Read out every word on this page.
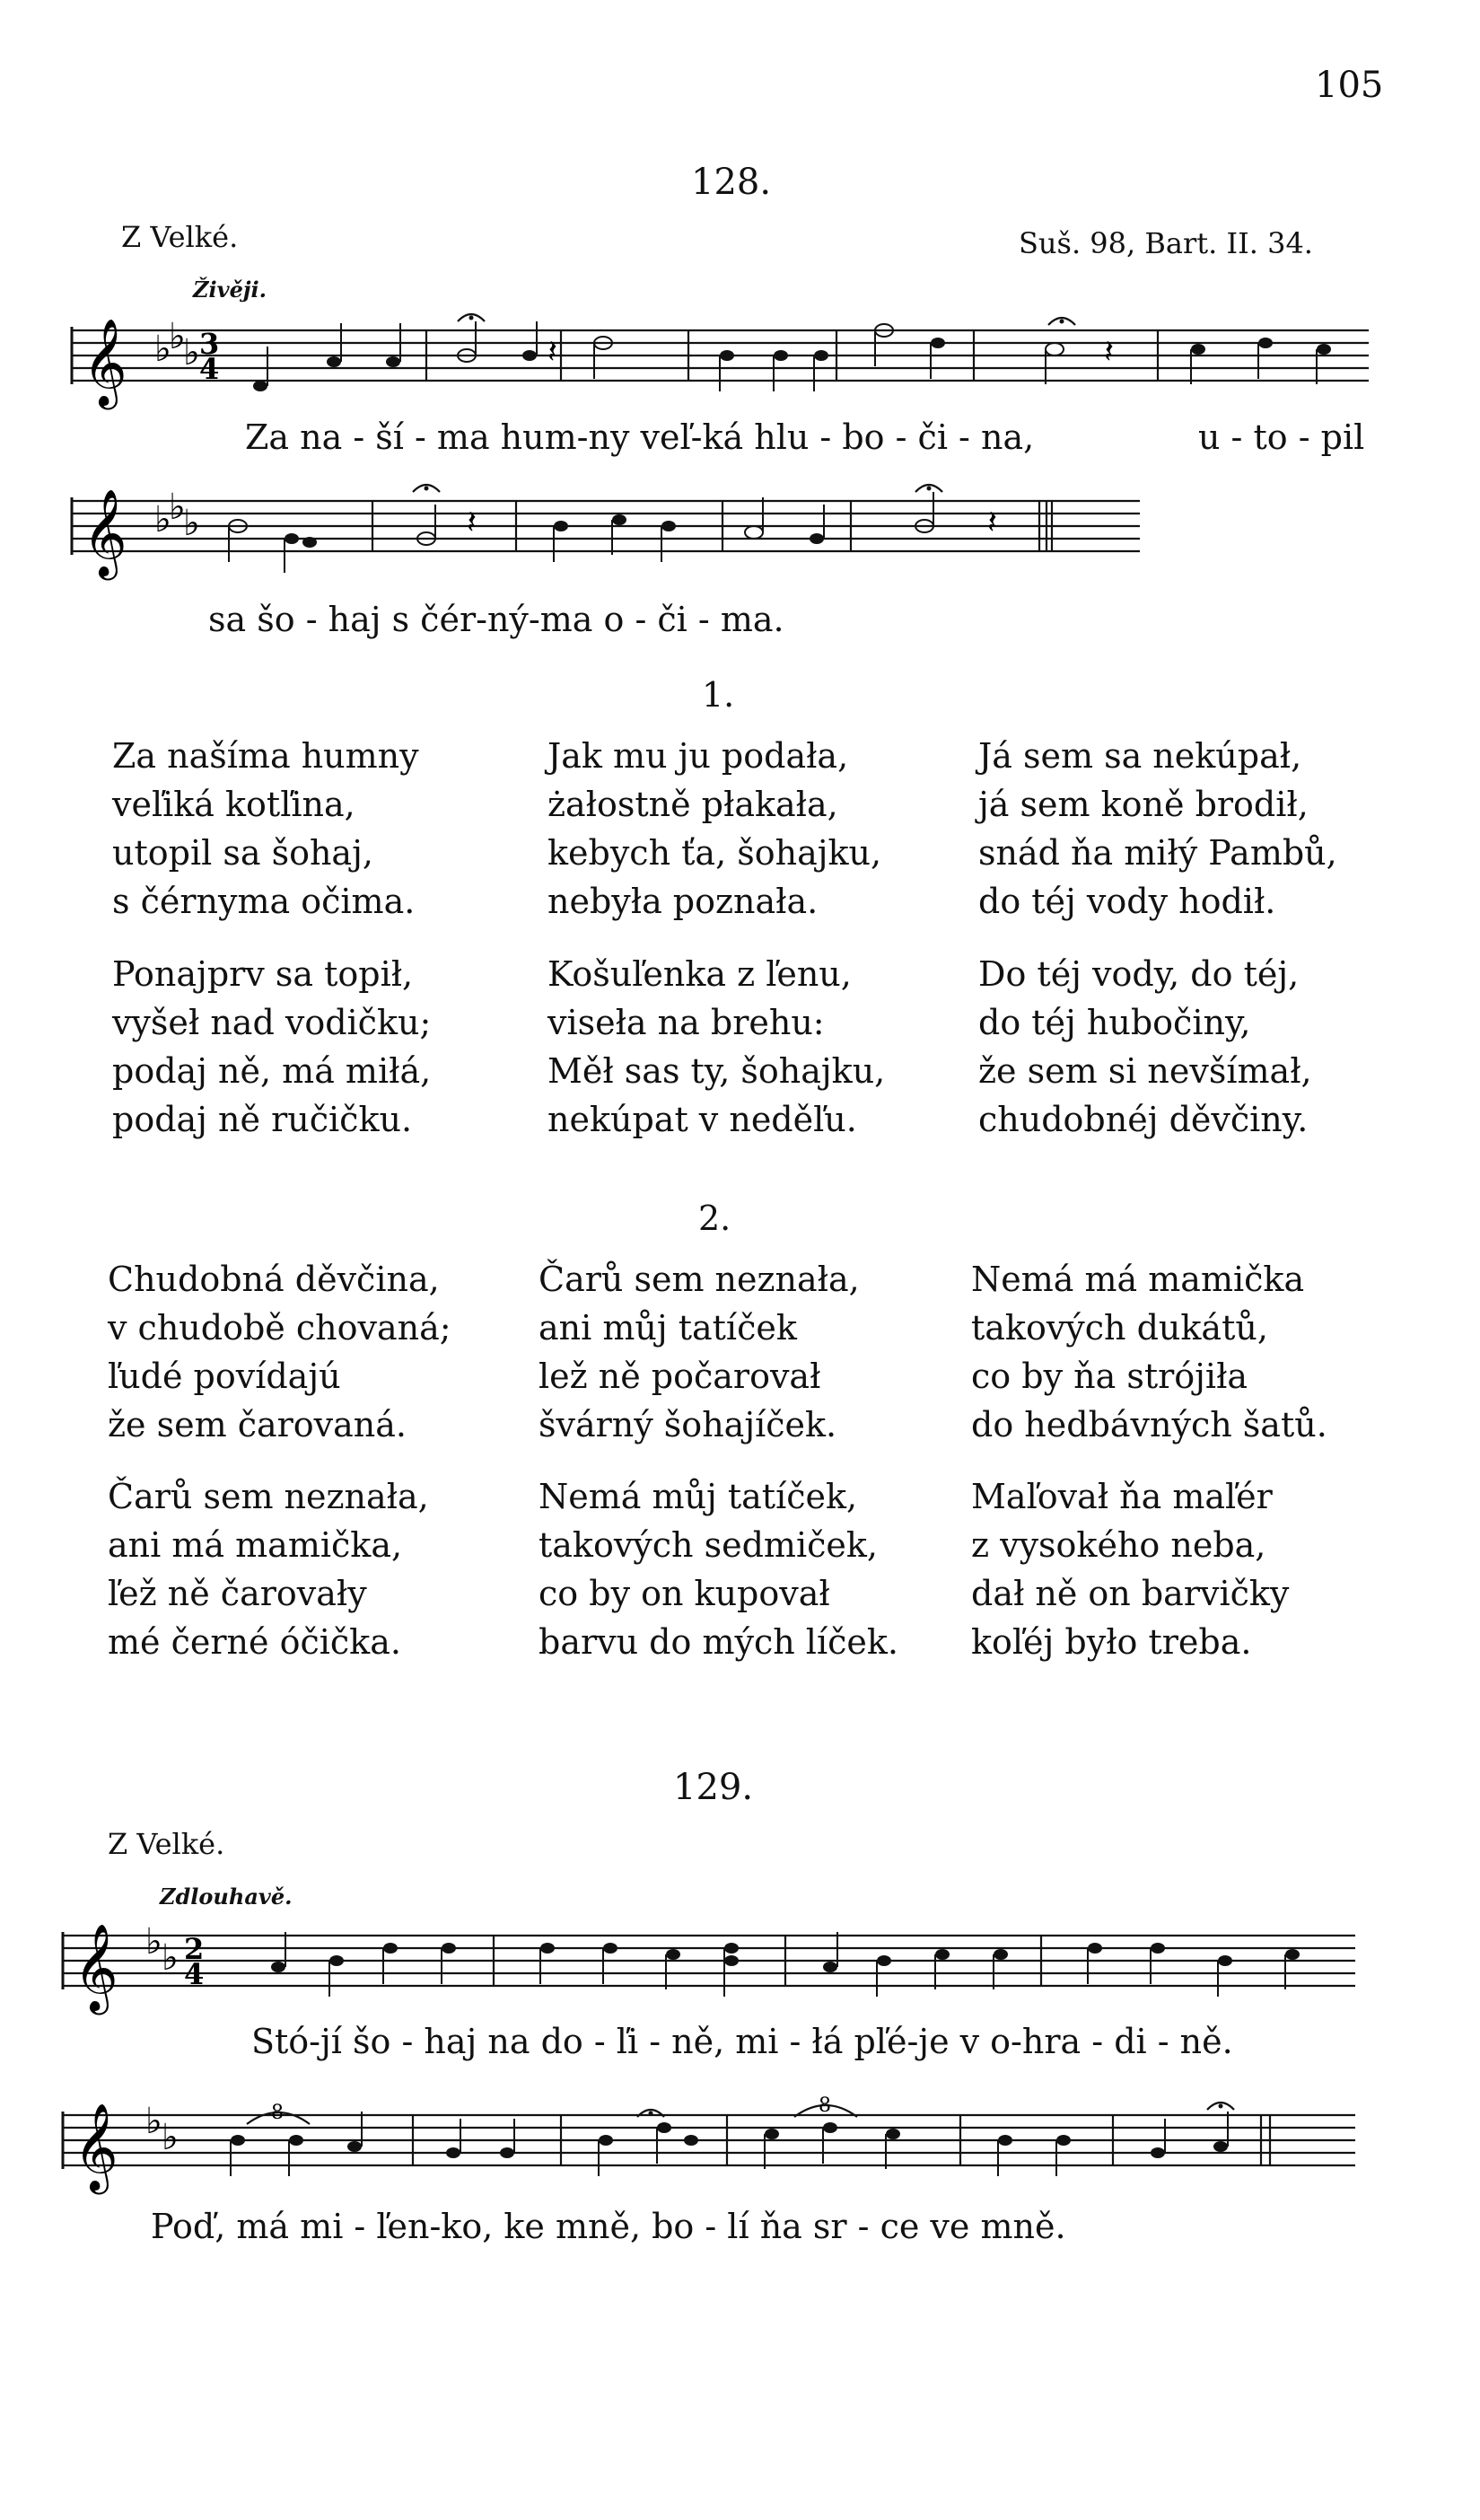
105
128.
Z Velké.	Suš. 98, Bart. II. 34.
Živěji.
𝄞 ♭
♭
♭ 3
4	𝄽	𝄽
Za na - ší - ma hum-ny veľ-ká hlu - bo - či - na,	u - to - pil
𝄞 ♭
♭
♭	𝄽	𝄽
sa šo - haj s čér-ný-ma o - či - ma.
1.
Za našíma humny
veľiká kotľina,
utopil sa šohaj,
s čérnyma očima.
Jak mu ju podała,
żałostně płakała,
kebych ťa, šohajku,
nebyła poznała.
Já sem sa nekúpał,
já sem koně brodił,
snád ňa miłý Pambů,
do téj vody hodił.
Ponajprv sa topił,
vyšeł nad vodičku;
podaj ně, má miłá,
podaj ně ručičku.
Košuľenka z ľenu,
viseła na brehu:
Měł sas ty, šohajku,
nekúpat v neděľu.
Do téj vody, do téj,
do téj hubočiny,
že sem si nevšímał,
chudobnéj děvčiny.
2.
Chudobná děvčina,
v chudobě chovaná;
ľudé povídajú
že sem čarovaná.
Čarů sem neznała,
ani můj tatíček
lež ně počarovał
švárný šohajíček.
Nemá má mamička
takových dukátů,
co by ňa strójiła
do hedbávných šatů.
Čarů sem neznała,
ani má mamička,
ľež ně čarovały
mé černé óčička.
Nemá můj tatíček,
takových sedmiček,
co by on kupovał
barvu do mých líček.
Maľovał ňa maľér
z vysokého neba,
dał ně on barvičky
koľéj było treba.
129.
Z Velké.
Zdlouhavě.
𝄞 ♭ ♭ 2
4
Stó-jí šo - haj na do - ľi - ně, mi - łá pľé-je v o-hra - di - ně.
𝄞 ♭ ♭
8	8
Poď, má mi - ľen-ko, ke mně, bo - lí ňa sr - ce ve mně.
